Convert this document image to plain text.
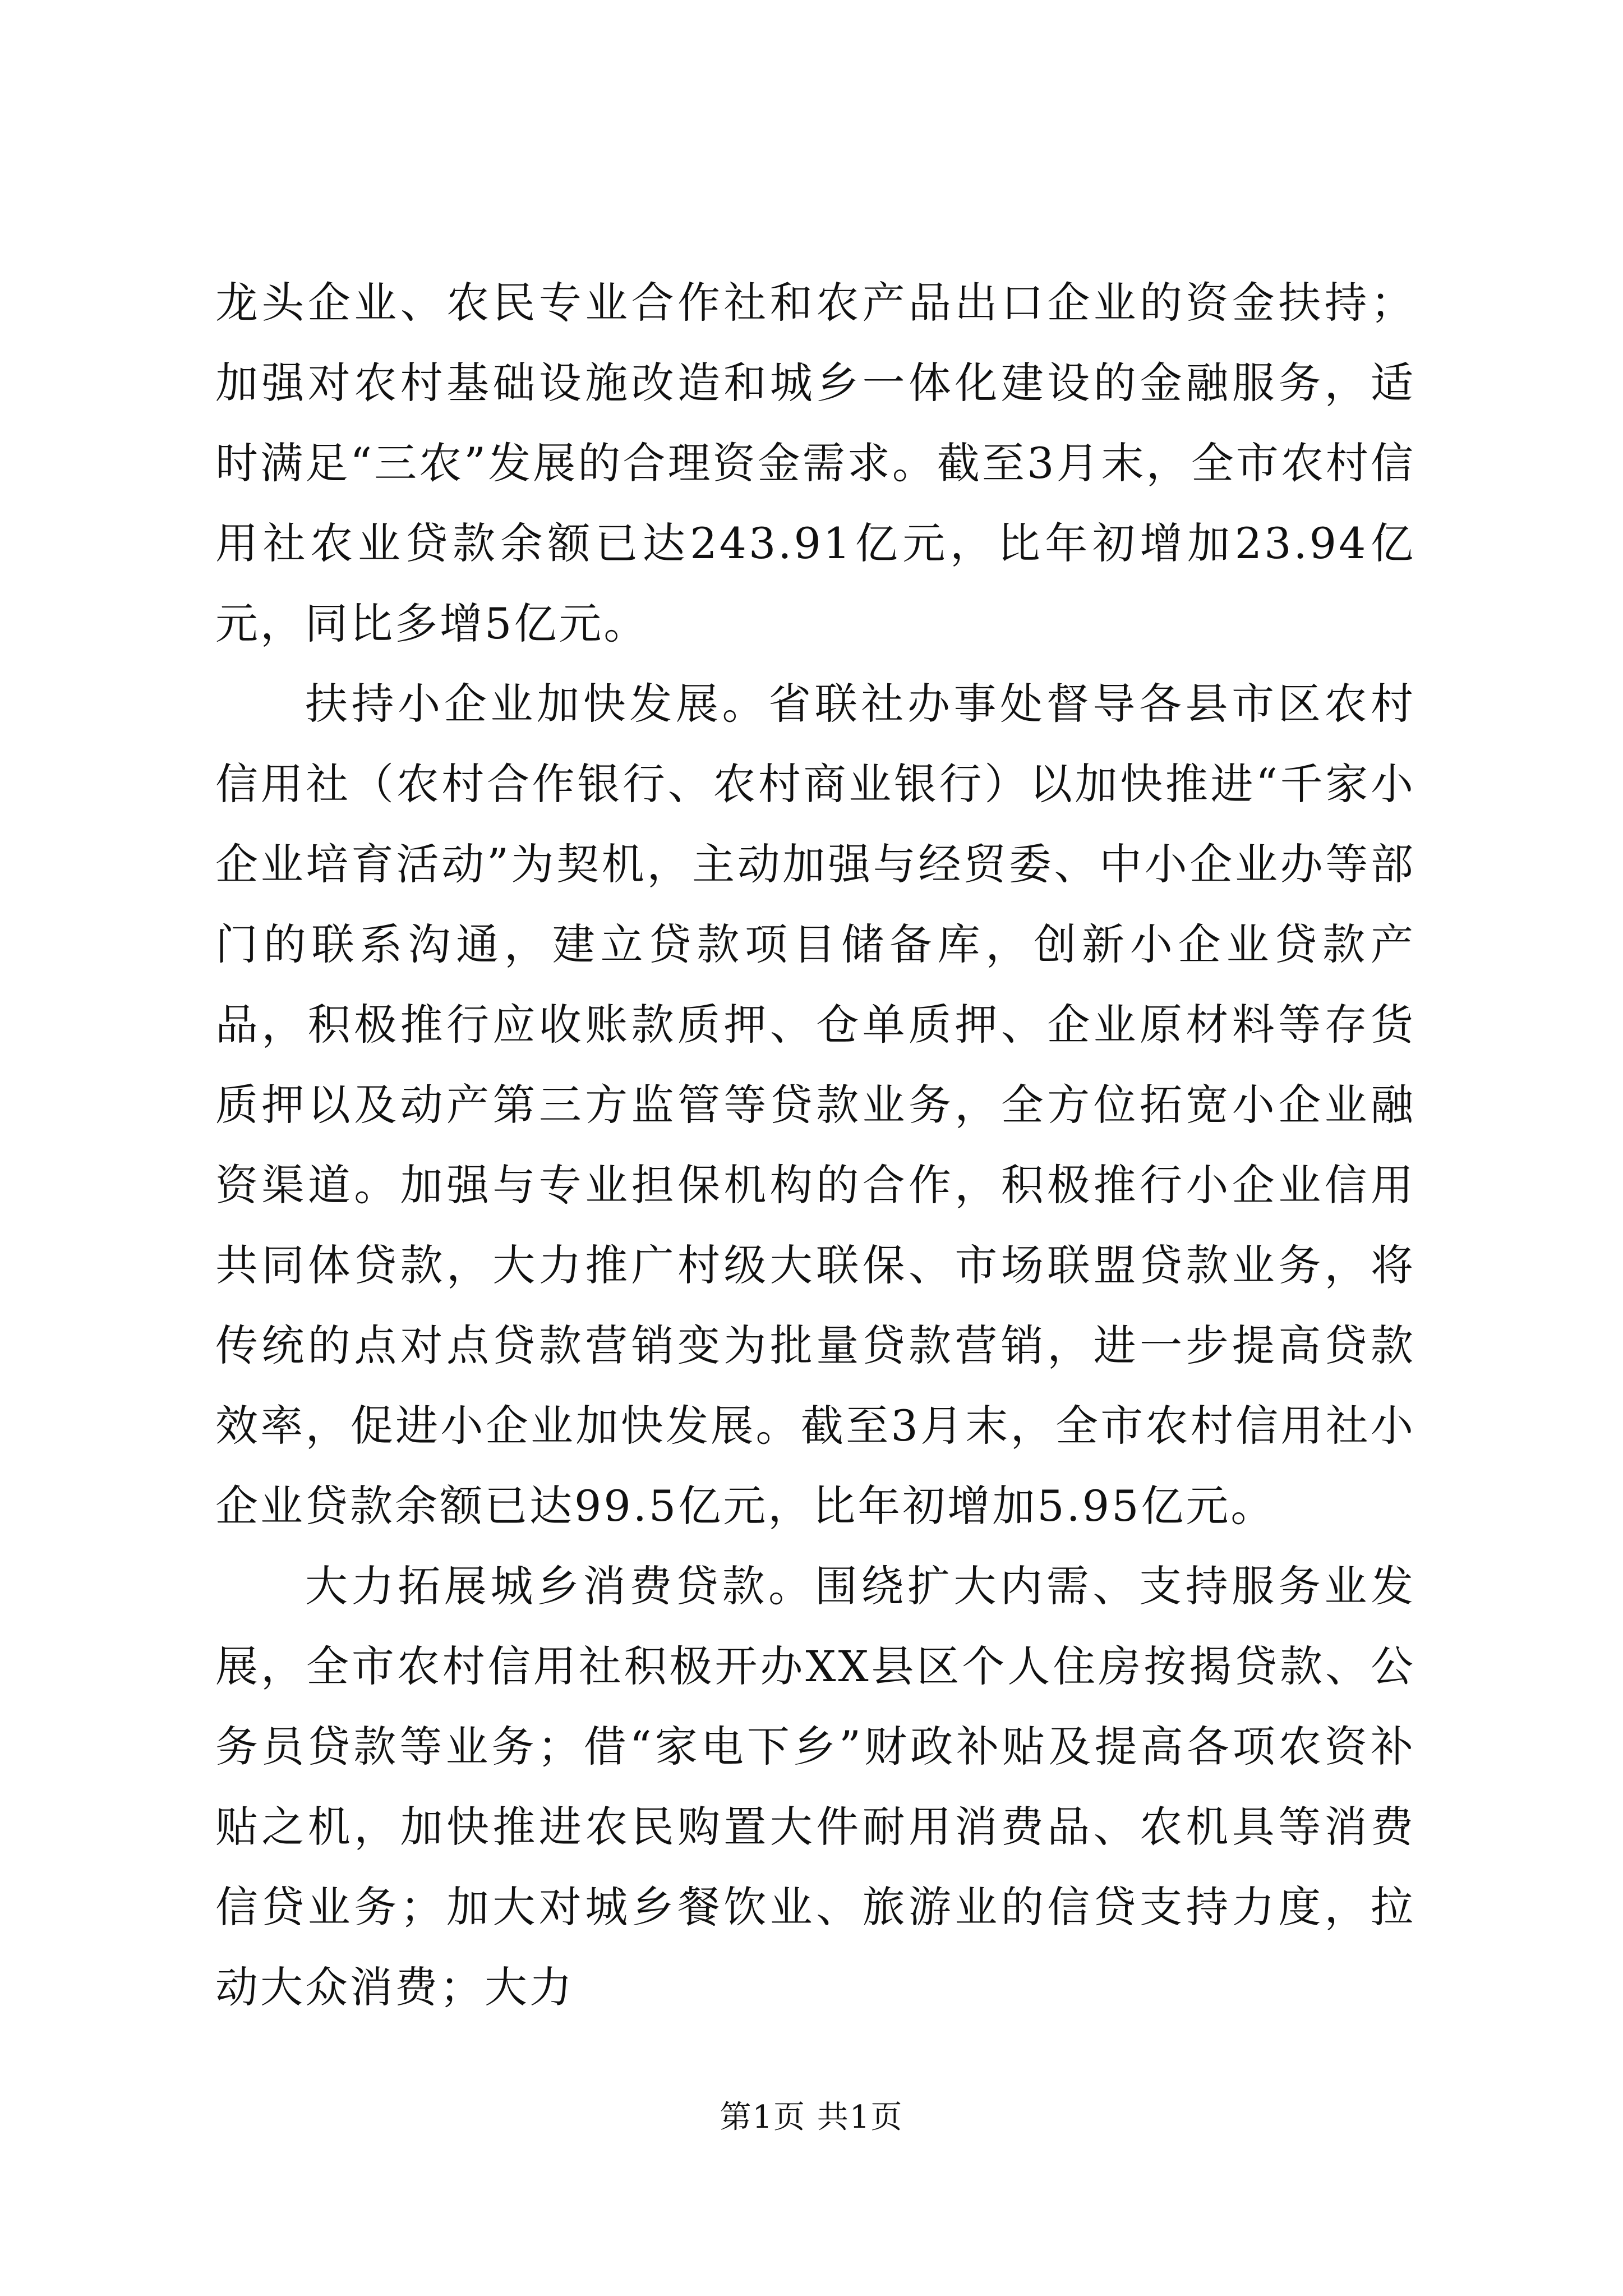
龙头企业、农民专业合作社和农产品出口企业的资金扶持；加强对农村基础设施改造和城乡一体化建设的金融服务，适时满足“三农”发展的合理资金需求。截至3月末，全市农村信用社农业贷款余额已达243.91亿元，比年初增加23.94亿元，同比多增5亿元。

扶持小企业加快发展。省联社办事处督导各县市区农村信用社（农村合作银行、农村商业银行）以加快推进“千家小企业培育活动”为契机，主动加强与经贸委、中小企业办等部门的联系沟通，建立贷款项目储备库，创新小企业贷款产品，积极推行应收账款质押、仓单质押、企业原材料等存货质押以及动产第三方监管等贷款业务，全方位拓宽小企业融资渠道。加强与专业担保机构的合作，积极推行小企业信用共同体贷款，大力推广村级大联保、市场联盟贷款业务，将传统的点对点贷款营销变为批量贷款营销，进一步提高贷款效率，促进小企业加快发展。截至3月末，全市农村信用社小企业贷款余额已达99.5亿元，比年初增加5.95亿元。

大力拓展城乡消费贷款。围绕扩大内需、支持服务业发展，全市农村信用社积极开办XX县区个人住房按揭贷款、公务员贷款等业务；借“家电下乡”财政补贴及提高各项农资补贴之机，加快推进农民购置大件耐用消费品、农机具等消费信贷业务；加大对城乡餐饮业、旅游业的信贷支持力度，拉动大众消费；大力

第1页 共1页
